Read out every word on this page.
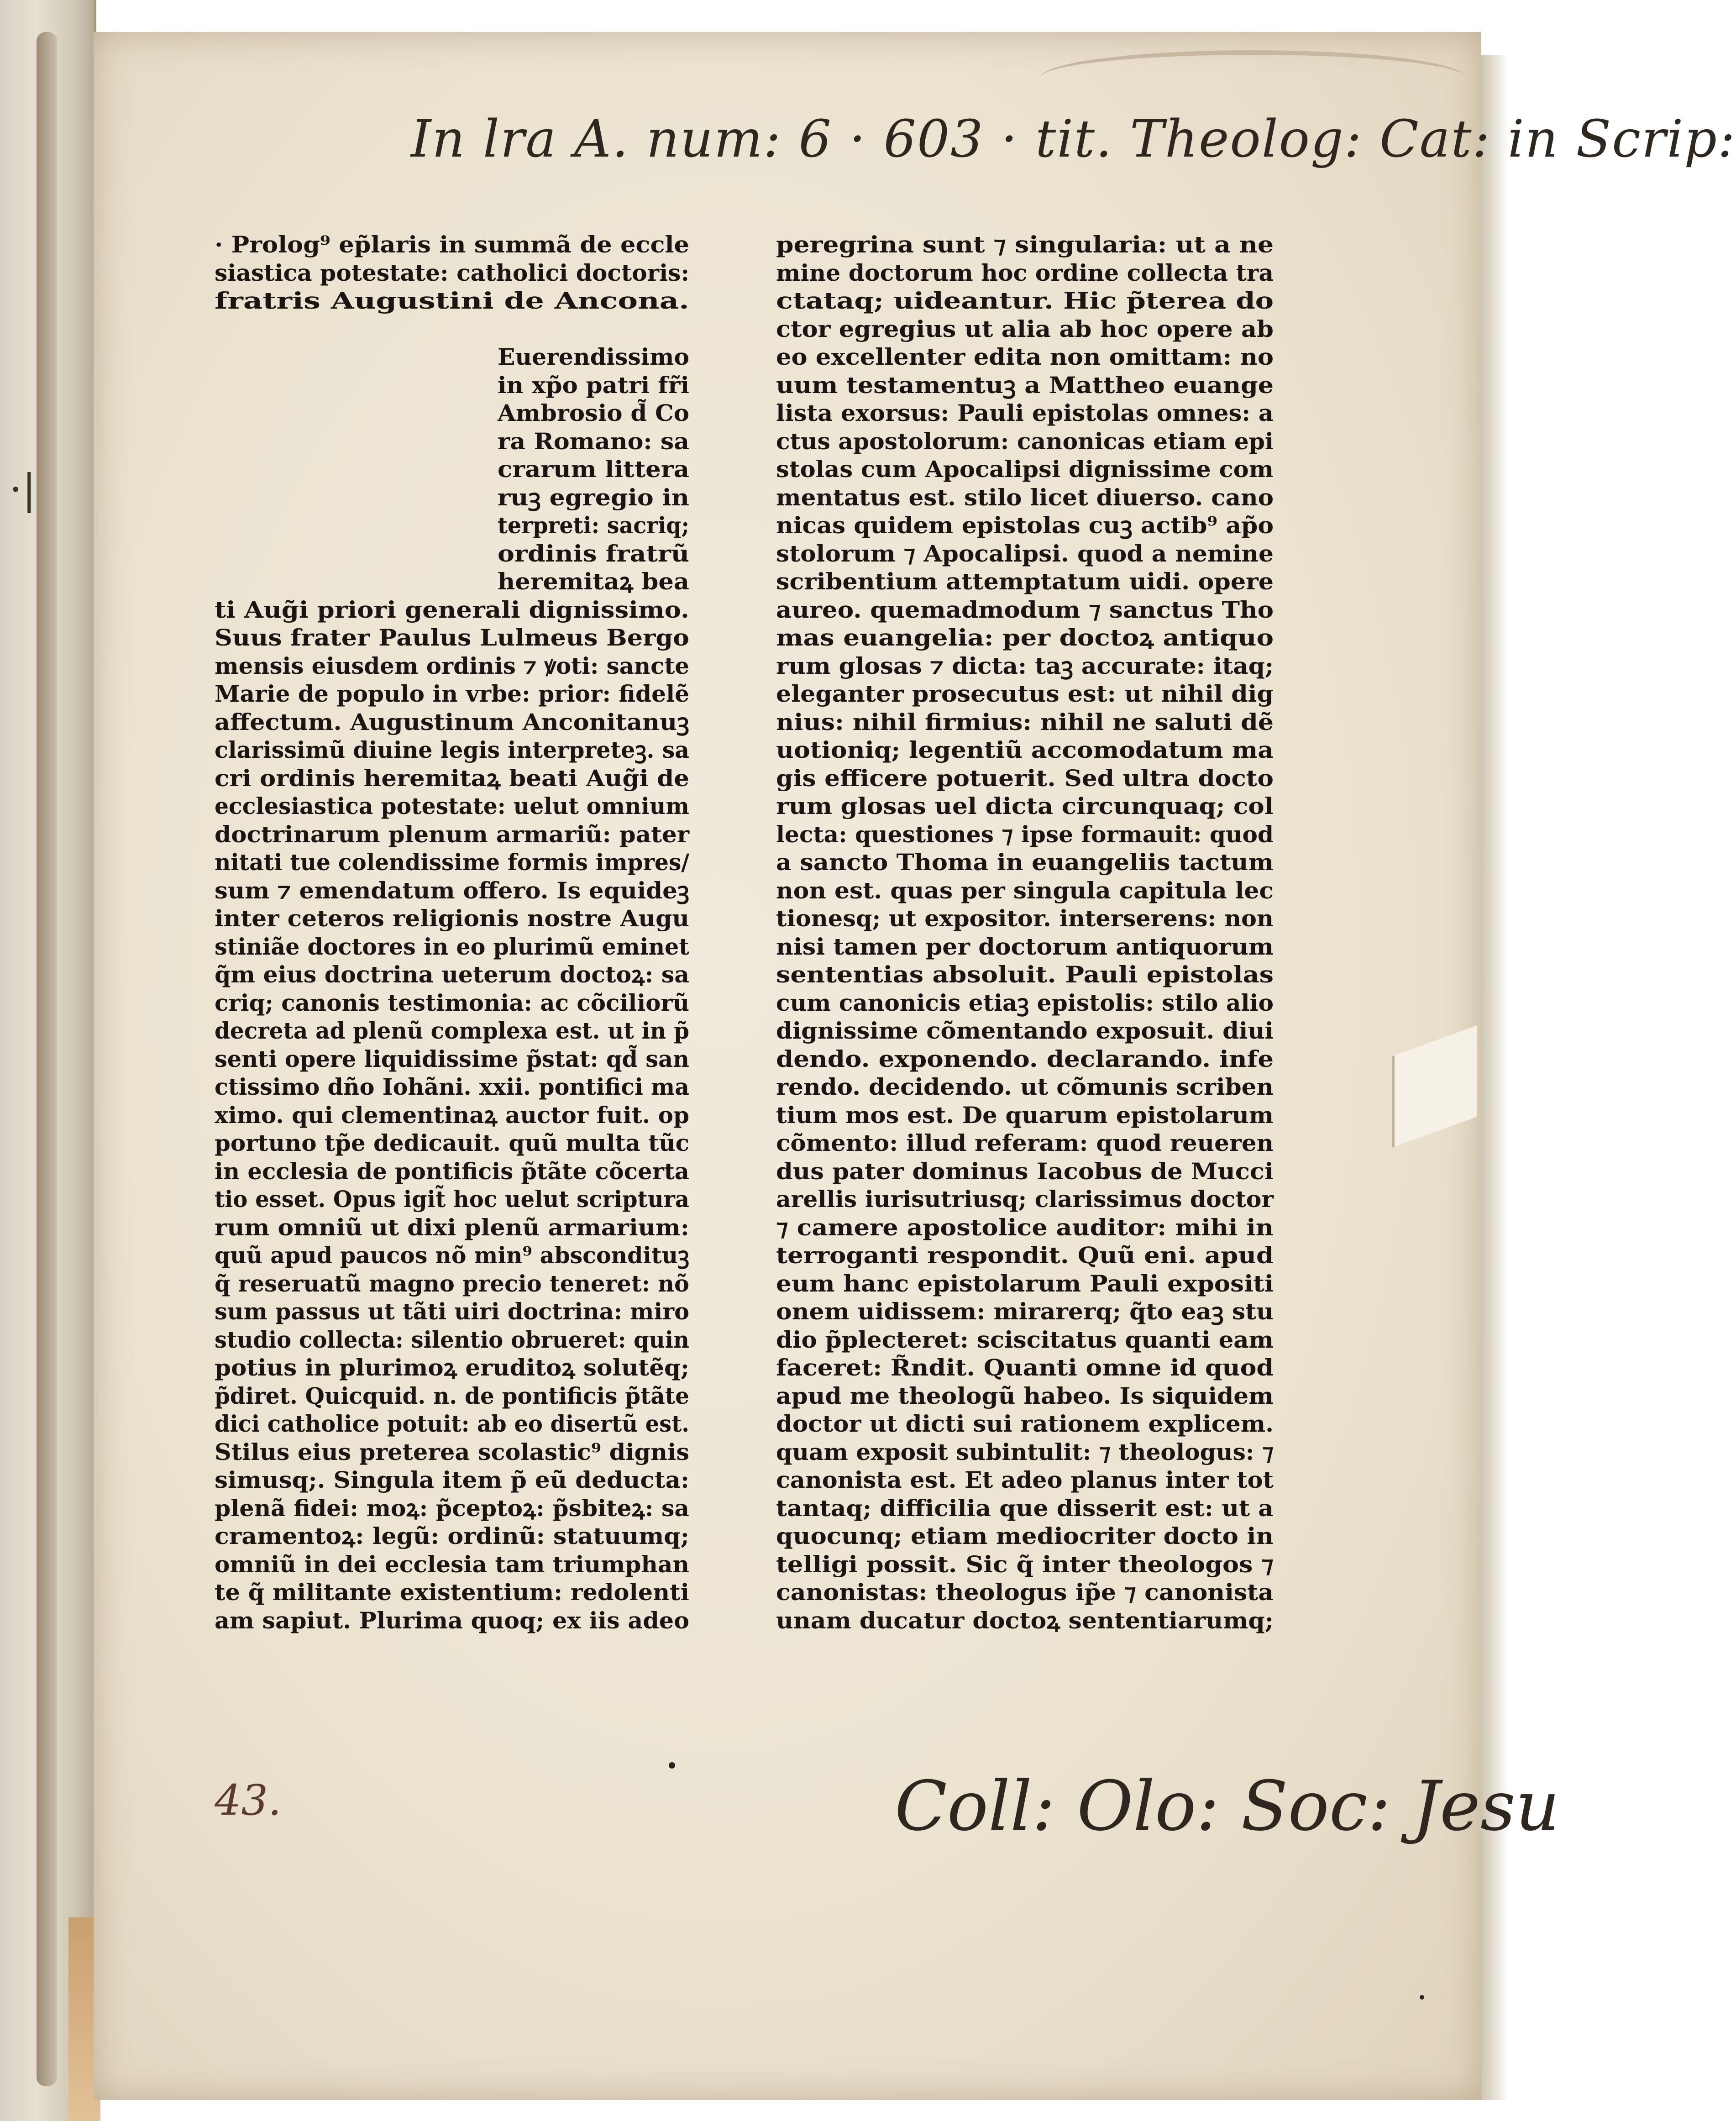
·|

In lra A. num: 6 · 603 · tit. Theolog: Cat: in Scrip:

43.	Coll: Olo: Soc: Jesu

· Prolog⁹ ep̃laris in summã de eccle
siastica potestate: catholici doctoris:
fratris Augustini de Ancona.
Euerendissimo
in xp̃o patri fr̃i
Ambrosio d̃ Co
ra Romano: sa
crarum littera
ruꝫ egregio in
terpreti: sacriq;
ordinis fratrũ
heremitaꝝ bea
ti Aug̃i priori generali dignissimo.
Suus frater Paulus Lulmeus Bergo
mensis eiusdem ordinis ⁊ ꝟoti: sancte
Marie de populo in vrbe: prior: fidelẽ
affectum. Augustinum Anconitanuꝫ
clarissimũ diuine legis interpreteꝫ. sa
cri ordinis heremitaꝝ beati Aug̃i de
ecclesiastica potestate: uelut omnium
doctrinarum plenum armariũ: pater
nitati tue colendissime formis impres/
sum ⁊ emendatum offero. Is equideꝫ
inter ceteros religionis nostre Augu
stiniãe doctores in eo plurimũ eminet
q̃m eius doctrina ueterum doctoꝝ: sa
criq; canonis testimonia: ac cõciliorũ
decreta ad plenũ complexa est. ut in p̃
senti opere liquidissime p̃stat: qd̃ san
ctissimo dño Iohãni. xxii. pontifici ma
ximo. qui clementinaꝝ auctor fuit. op
portuno tp̃e dedicauit. quũ multa tũc
in ecclesia de pontificis p̃tãte cõcerta
tio esset. Opus igit̃ hoc uelut scriptura
rum omniũ ut dixi plenũ armarium:
quũ apud paucos nõ min⁹ abscondituꝫ
q̃ reseruatũ magno precio teneret: nõ
sum passus ut tãti uiri doctrina: miro
studio collecta: silentio obrueret: quin
potius in plurimoꝝ eruditoꝝ solutẽq;
p̃diret. Quicquid. n. de pontificis p̃tãte
dici catholice potuit: ab eo disertũ est.
Stilus eius preterea scolastic⁹ dignis
simusq;. Singula item p̃ eũ deducta:
plenã fidei: moꝝ: p̃ceptoꝝ: p̃sbiteꝝ: sa
cramentoꝝ: legũ: ordinũ: statuumq;
omniũ in dei ecclesia tam triumphan
te q̃ militante existentium: redolenti
am sapiut. Plurima quoq; ex iis adeo
peregrina sunt ⁊ singularia: ut a ne
mine doctorum hoc ordine collecta tra
ctataq; uideantur. Hic p̃terea do
ctor egregius ut alia ab hoc opere ab
eo excellenter edita non omittam: no
uum testamentuꝫ a Mattheo euange
lista exorsus: Pauli epistolas omnes: a
ctus apostolorum: canonicas etiam epi
stolas cum Apocalipsi dignissime com
mentatus est. stilo licet diuerso. cano
nicas quidem epistolas cuꝫ actib⁹ ap̃o
stolorum ⁊ Apocalipsi. quod a nemine
scribentium attemptatum uidi. opere
aureo. quemadmodum ⁊ sanctus Tho
mas euangelia: per doctoꝝ antiquo
rum glosas ⁊ dicta: taꝫ accurate: itaq;
eleganter prosecutus est: ut nihil dig
nius: nihil firmius: nihil ne saluti dẽ
uotioniq; legentiũ accomodatum ma
gis efficere potuerit. Sed ultra docto
rum glosas uel dicta circunquaq; col
lecta: questiones ⁊ ipse formauit: quod
a sancto Thoma in euangeliis tactum
non est. quas per singula capitula lec
tionesq; ut expositor. interserens: non
nisi tamen per doctorum antiquorum
sententias absoluit. Pauli epistolas
cum canonicis etiaꝫ epistolis: stilo alio
dignissime cõmentando exposuit. diui
dendo. exponendo. declarando. infe
rendo. decidendo. ut cõmunis scriben
tium mos est. De quarum epistolarum
cõmento: illud referam: quod reueren
dus pater dominus Iacobus de Mucci
arellis iurisutriusq; clarissimus doctor
⁊ camere apostolice auditor: mihi in
terroganti respondit. Quũ eni. apud
eum hanc epistolarum Pauli expositi
onem uidissem: mirarerq; q̃to eaꝫ stu
dio p̃plecteret: sciscitatus quanti eam
faceret: R̃ndit. Quanti omne id quod
apud me theologũ habeo. Is siquidem
doctor ut dicti sui rationem explicem.
quam exposit subintulit: ⁊ theologus: ⁊
canonista est. Et adeo planus inter tot
tantaq; difficilia que disserit est: ut a
quocunq; etiam mediocriter docto in
telligi possit. Sic q̃ inter theologos ⁊
canonistas: theologus ip̃e ⁊ canonista
unam ducatur doctoꝝ sententiarumq;
